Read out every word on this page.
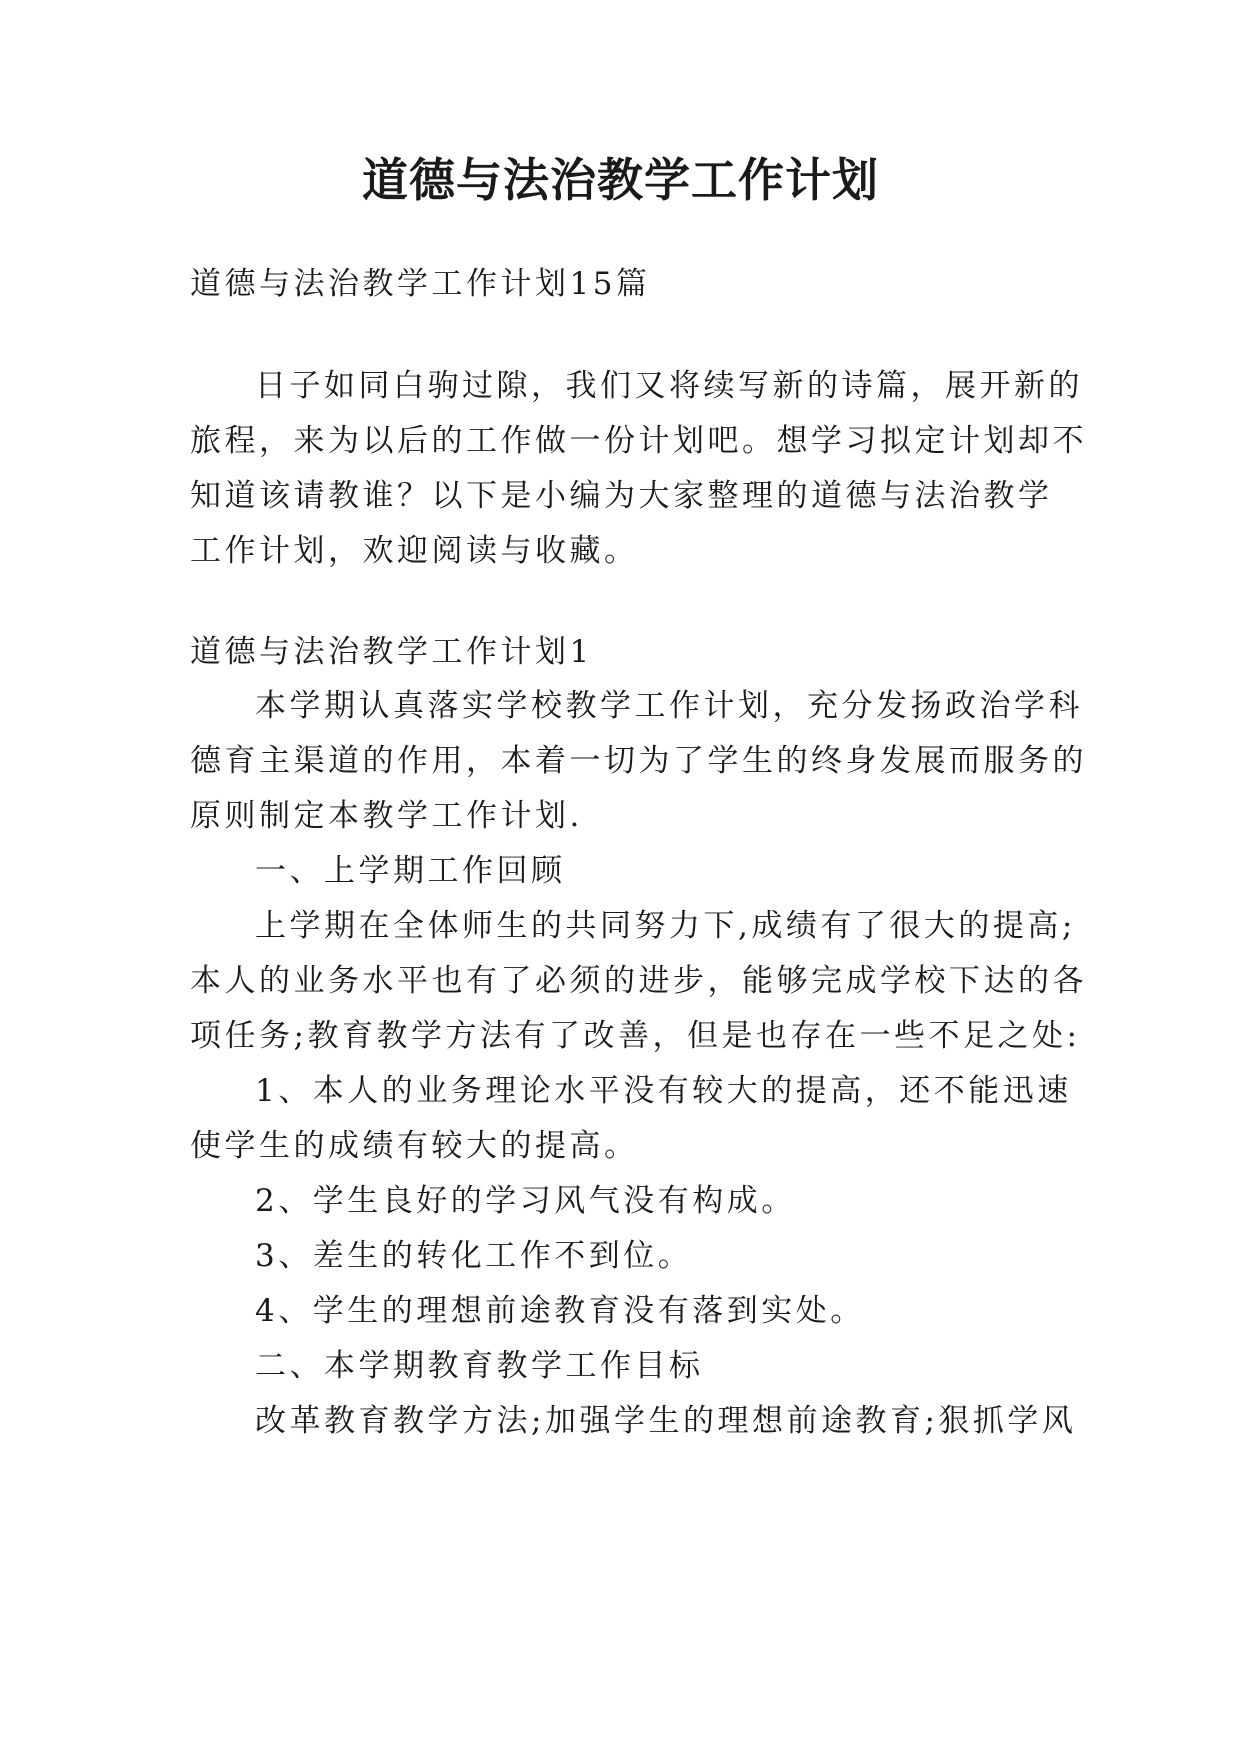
道德与法治教学工作计划

道德与法治教学工作计划15篇

日子如同白驹过隙，我们又将续写新的诗篇，展开新的

旅程，来为以后的工作做一份计划吧。想学习拟定计划却不

知道该请教谁？以下是小编为大家整理的道德与法治教学

工作计划，欢迎阅读与收藏。

道德与法治教学工作计划1

本学期认真落实学校教学工作计划，充分发扬政治学科

德育主渠道的作用，本着一切为了学生的终身发展而服务的

原则制定本教学工作计划.

一、上学期工作回顾

上学期在全体师生的共同努力下,成绩有了很大的提高;

本人的业务水平也有了必须的进步，能够完成学校下达的各

项任务;教育教学方法有了改善，但是也存在一些不足之处:

1、本人的业务理论水平没有较大的提高，还不能迅速

使学生的成绩有较大的提高。

2、学生良好的学习风气没有构成。

3、差生的转化工作不到位。

4、学生的理想前途教育没有落到实处。

二、本学期教育教学工作目标

改革教育教学方法;加强学生的理想前途教育;狠抓学风
